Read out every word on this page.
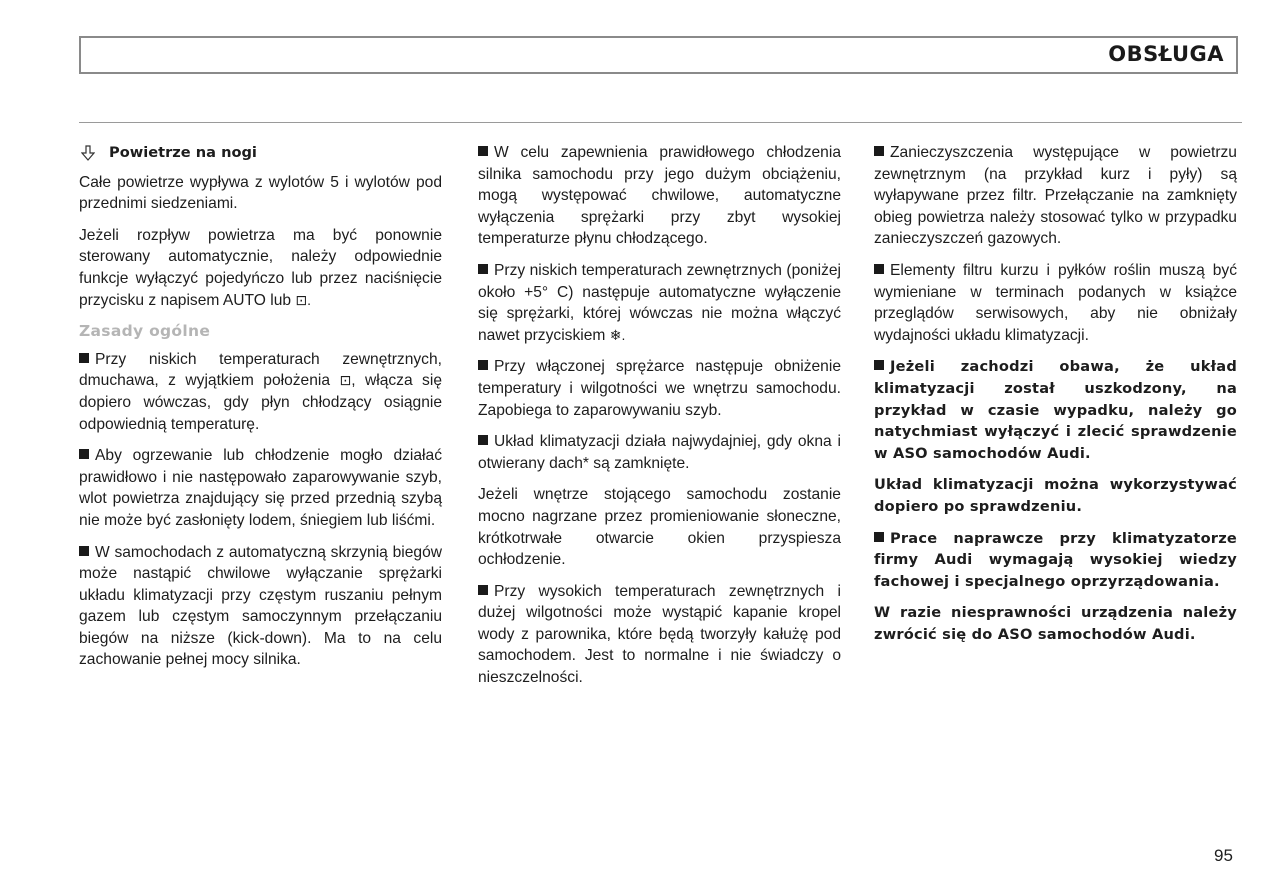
OBSŁUGA
Powietrze na nogi

Całe powietrze wypływa z wylotów 5 i wylotów pod przednimi siedzeniami.

Jeżeli rozpływ powietrza ma być ponownie sterowany automatycznie, należy odpowiednie funkcje wyłączyć pojedyńczo lub przez naciśnięcie przycisku z napisem AUTO lub ⊡.

Zasady ogólne

Przy niskich temperaturach zewnętrznych, dmuchawa, z wyjątkiem położenia ⊡, włącza się dopiero wówczas, gdy płyn chłodzący osiągnie odpowiednią temperaturę.

Aby ogrzewanie lub chłodzenie mogło działać prawidłowo i nie następowało zaparowywanie szyb, wlot powietrza znajdujący się przed przednią szybą nie może być zasłonięty lodem, śniegiem lub liśćmi.

W samochodach z automatyczną skrzynią biegów może nastąpić chwilowe wyłączanie sprężarki układu klimatyzacji przy częstym ruszaniu pełnym gazem lub częstym samoczynnym przełączaniu biegów na niższe (kick-down). Ma to na celu zachowanie pełnej mocy silnika.

W celu zapewnienia prawidłowego chłodzenia silnika samochodu przy jego dużym obciążeniu, mogą występować chwilowe, automatyczne wyłączenia sprężarki przy zbyt wysokiej temperaturze płynu chłodzącego.

Przy niskich temperaturach zewnętrznych (poniżej około +5° C) następuje automatyczne wyłączenie się sprężarki, której wówczas nie można włączyć nawet przyciskiem ❄.

Przy włączonej sprężarce następuje obniżenie temperatury i wilgotności we wnętrzu samochodu. Zapobiega to zaparowywaniu szyb.

Układ klimatyzacji działa najwydajniej, gdy okna i otwierany dach* są zamknięte.

Jeżeli wnętrze stojącego samochodu zostanie mocno nagrzane przez promieniowanie słoneczne, krótkotrwałe otwarcie okien przyspiesza ochłodzenie.

Przy wysokich temperaturach zewnętrznych i dużej wilgotności może wystąpić kapanie kropel wody z parownika, które będą tworzyły kałużę pod samochodem. Jest to normalne i nie świadczy o nieszczelności.

Zanieczyszczenia występujące w powietrzu zewnętrznym (na przykład kurz i pyły) są wyłapywane przez filtr. Przełączanie na zamknięty obieg powietrza należy stosować tylko w przypadku zanieczyszczeń gazowych.

Elementy filtru kurzu i pyłków roślin muszą być wymieniane w terminach podanych w książce przeglądów serwisowych, aby nie obniżały wydajności układu klimatyzacji.

Jeżeli zachodzi obawa, że układ klimatyzacji został uszkodzony, na przykład w czasie wypadku, należy go natychmiast wyłączyć i zlecić sprawdzenie w ASO samochodów Audi.

Układ klimatyzacji można wykorzystywać dopiero po sprawdzeniu.

Prace naprawcze przy klimatyzatorze firmy Audi wymagają wysokiej wiedzy fachowej i specjalnego oprzyrządowania.

W razie niesprawności urządzenia należy zwrócić się do ASO samochodów Audi.

95
